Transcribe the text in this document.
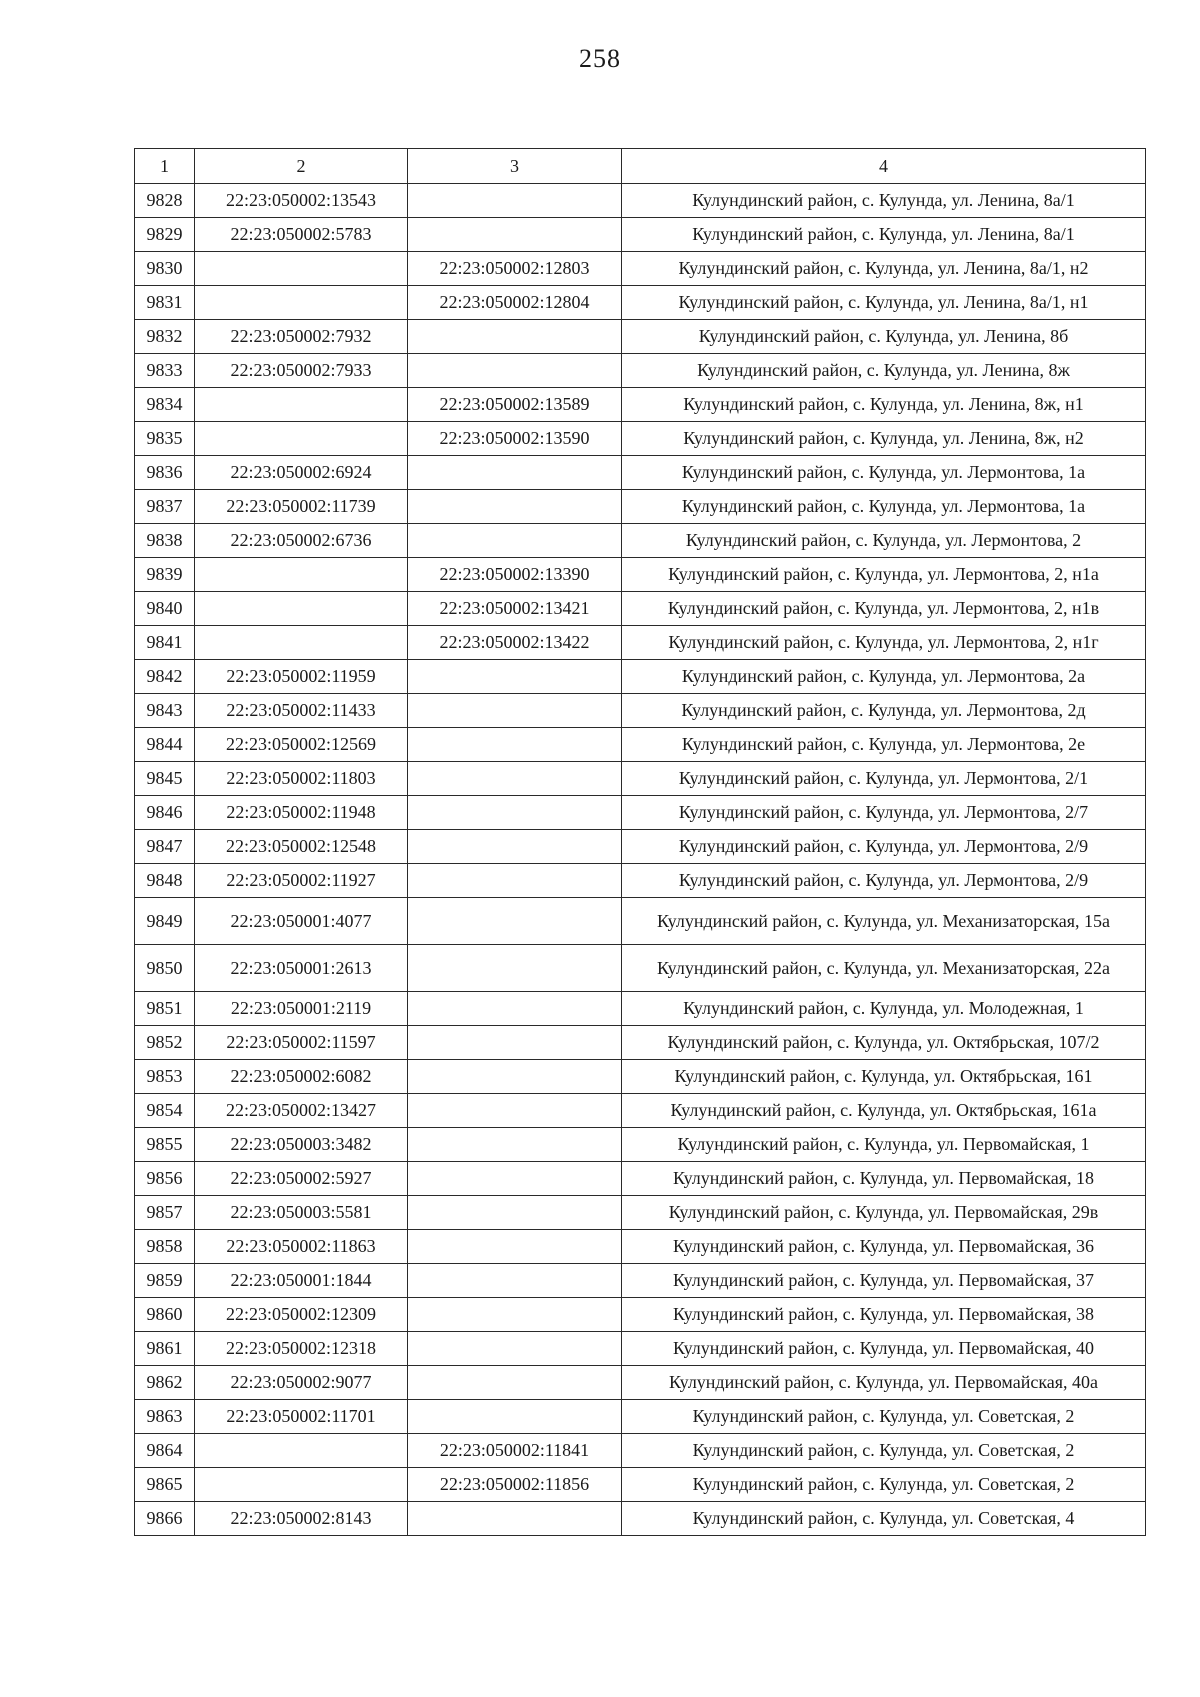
258
1	2	3	4
9828	22:23:050002:13543		Кулундинский район, с. Кулунда, ул. Ленина, 8а/1
9829	22:23:050002:5783		Кулундинский район, с. Кулунда, ул. Ленина, 8а/1
9830		22:23:050002:12803	Кулундинский район, с. Кулунда, ул. Ленина, 8а/1, н2
9831		22:23:050002:12804	Кулундинский район, с. Кулунда, ул. Ленина, 8а/1, н1
9832	22:23:050002:7932		Кулундинский район, с. Кулунда, ул. Ленина, 8б
9833	22:23:050002:7933		Кулундинский район, с. Кулунда, ул. Ленина, 8ж
9834		22:23:050002:13589	Кулундинский район, с. Кулунда, ул. Ленина, 8ж, н1
9835		22:23:050002:13590	Кулундинский район, с. Кулунда, ул. Ленина, 8ж, н2
9836	22:23:050002:6924		Кулундинский район, с. Кулунда, ул. Лермонтова, 1а
9837	22:23:050002:11739		Кулундинский район, с. Кулунда, ул. Лермонтова, 1а
9838	22:23:050002:6736		Кулундинский район, с. Кулунда, ул. Лермонтова, 2
9839		22:23:050002:13390	Кулундинский район, с. Кулунда, ул. Лермонтова, 2, н1а
9840		22:23:050002:13421	Кулундинский район, с. Кулунда, ул. Лермонтова, 2, н1в
9841		22:23:050002:13422	Кулундинский район, с. Кулунда, ул. Лермонтова, 2, н1г
9842	22:23:050002:11959		Кулундинский район, с. Кулунда, ул. Лермонтова, 2а
9843	22:23:050002:11433		Кулундинский район, с. Кулунда, ул. Лермонтова, 2д
9844	22:23:050002:12569		Кулундинский район, с. Кулунда, ул. Лермонтова, 2е
9845	22:23:050002:11803		Кулундинский район, с. Кулунда, ул. Лермонтова, 2/1
9846	22:23:050002:11948		Кулундинский район, с. Кулунда, ул. Лермонтова, 2/7
9847	22:23:050002:12548		Кулундинский район, с. Кулунда, ул. Лермонтова, 2/9
9848	22:23:050002:11927		Кулундинский район, с. Кулунда, ул. Лермонтова, 2/9
9849	22:23:050001:4077		Кулундинский район, с. Кулунда, ул. Механизаторская, 15а
9850	22:23:050001:2613		Кулундинский район, с. Кулунда, ул. Механизаторская, 22а
9851	22:23:050001:2119		Кулундинский район, с. Кулунда, ул. Молодежная, 1
9852	22:23:050002:11597		Кулундинский район, с. Кулунда, ул. Октябрьская, 107/2
9853	22:23:050002:6082		Кулундинский район, с. Кулунда, ул. Октябрьская, 161
9854	22:23:050002:13427		Кулундинский район, с. Кулунда, ул. Октябрьская, 161а
9855	22:23:050003:3482		Кулундинский район, с. Кулунда, ул. Первомайская, 1
9856	22:23:050002:5927		Кулундинский район, с. Кулунда, ул. Первомайская, 18
9857	22:23:050003:5581		Кулундинский район, с. Кулунда, ул. Первомайская, 29в
9858	22:23:050002:11863		Кулундинский район, с. Кулунда, ул. Первомайская, 36
9859	22:23:050001:1844		Кулундинский район, с. Кулунда, ул. Первомайская, 37
9860	22:23:050002:12309		Кулундинский район, с. Кулунда, ул. Первомайская, 38
9861	22:23:050002:12318		Кулундинский район, с. Кулунда, ул. Первомайская, 40
9862	22:23:050002:9077		Кулундинский район, с. Кулунда, ул. Первомайская, 40а
9863	22:23:050002:11701		Кулундинский район, с. Кулунда, ул. Советская, 2
9864		22:23:050002:11841	Кулундинский район, с. Кулунда, ул. Советская, 2
9865		22:23:050002:11856	Кулундинский район, с. Кулунда, ул. Советская, 2
9866	22:23:050002:8143		Кулундинский район, с. Кулунда, ул. Советская, 4
